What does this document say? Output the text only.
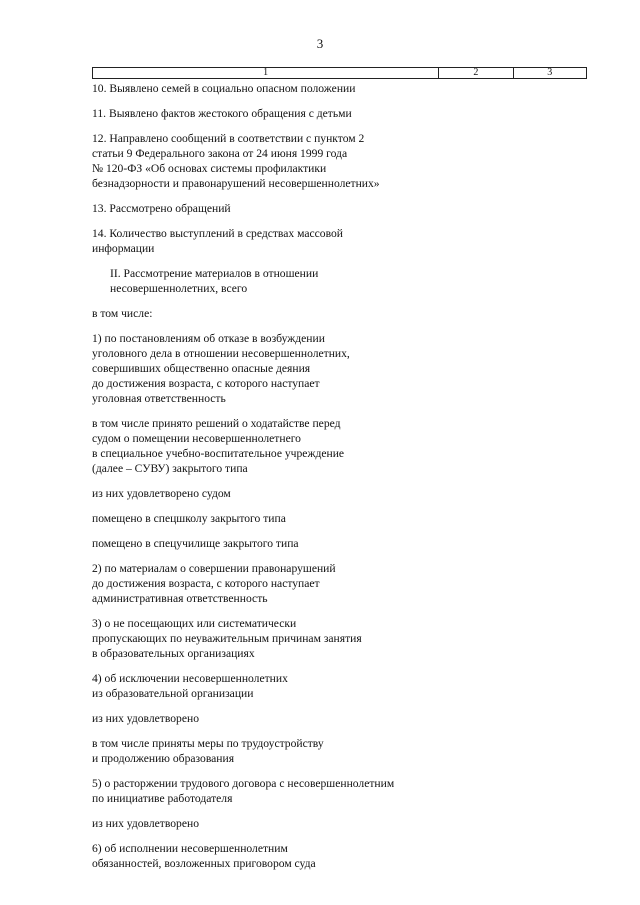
3
1	2	3
10. Выявлено семей в социально опасном положении
11. Выявлено фактов жестокого обращения с детьми
12. Направлено сообщений в соответствии с пунктом 2
статьи 9 Федерального закона от 24 июня 1999 года
№ 120-ФЗ «Об основах системы профилактики
безнадзорности и правонарушений несовершеннолетних»
13. Рассмотрено обращений
14. Количество выступлений в средствах массовой
информации
II. Рассмотрение материалов в отношении
несовершеннолетних, всего
в том числе:
1) по постановлениям об отказе в возбуждении
уголовного дела в отношении несовершеннолетних,
совершивших общественно опасные деяния
до достижения возраста, с которого наступает
уголовная ответственность
в том числе принято решений о ходатайстве перед
судом о помещении несовершеннолетнего
в специальное учебно-воспитательное учреждение
(далее – СУВУ) закрытого типа
из них удовлетворено судом
помещено в спецшколу закрытого типа
помещено в спецучилище закрытого типа
2) по материалам о совершении правонарушений
до достижения возраста, с которого наступает
административная ответственность
3) о не посещающих или систематически
пропускающих по неуважительным причинам занятия
в образовательных организациях
4) об исключении несовершеннолетних
из образовательной организации
из них удовлетворено
в том числе приняты меры по трудоустройству
и продолжению образования
5) о расторжении трудового договора с несовершеннолетним
по инициативе работодателя
из них удовлетворено
6) об исполнении несовершеннолетним
обязанностей, возложенных приговором суда
